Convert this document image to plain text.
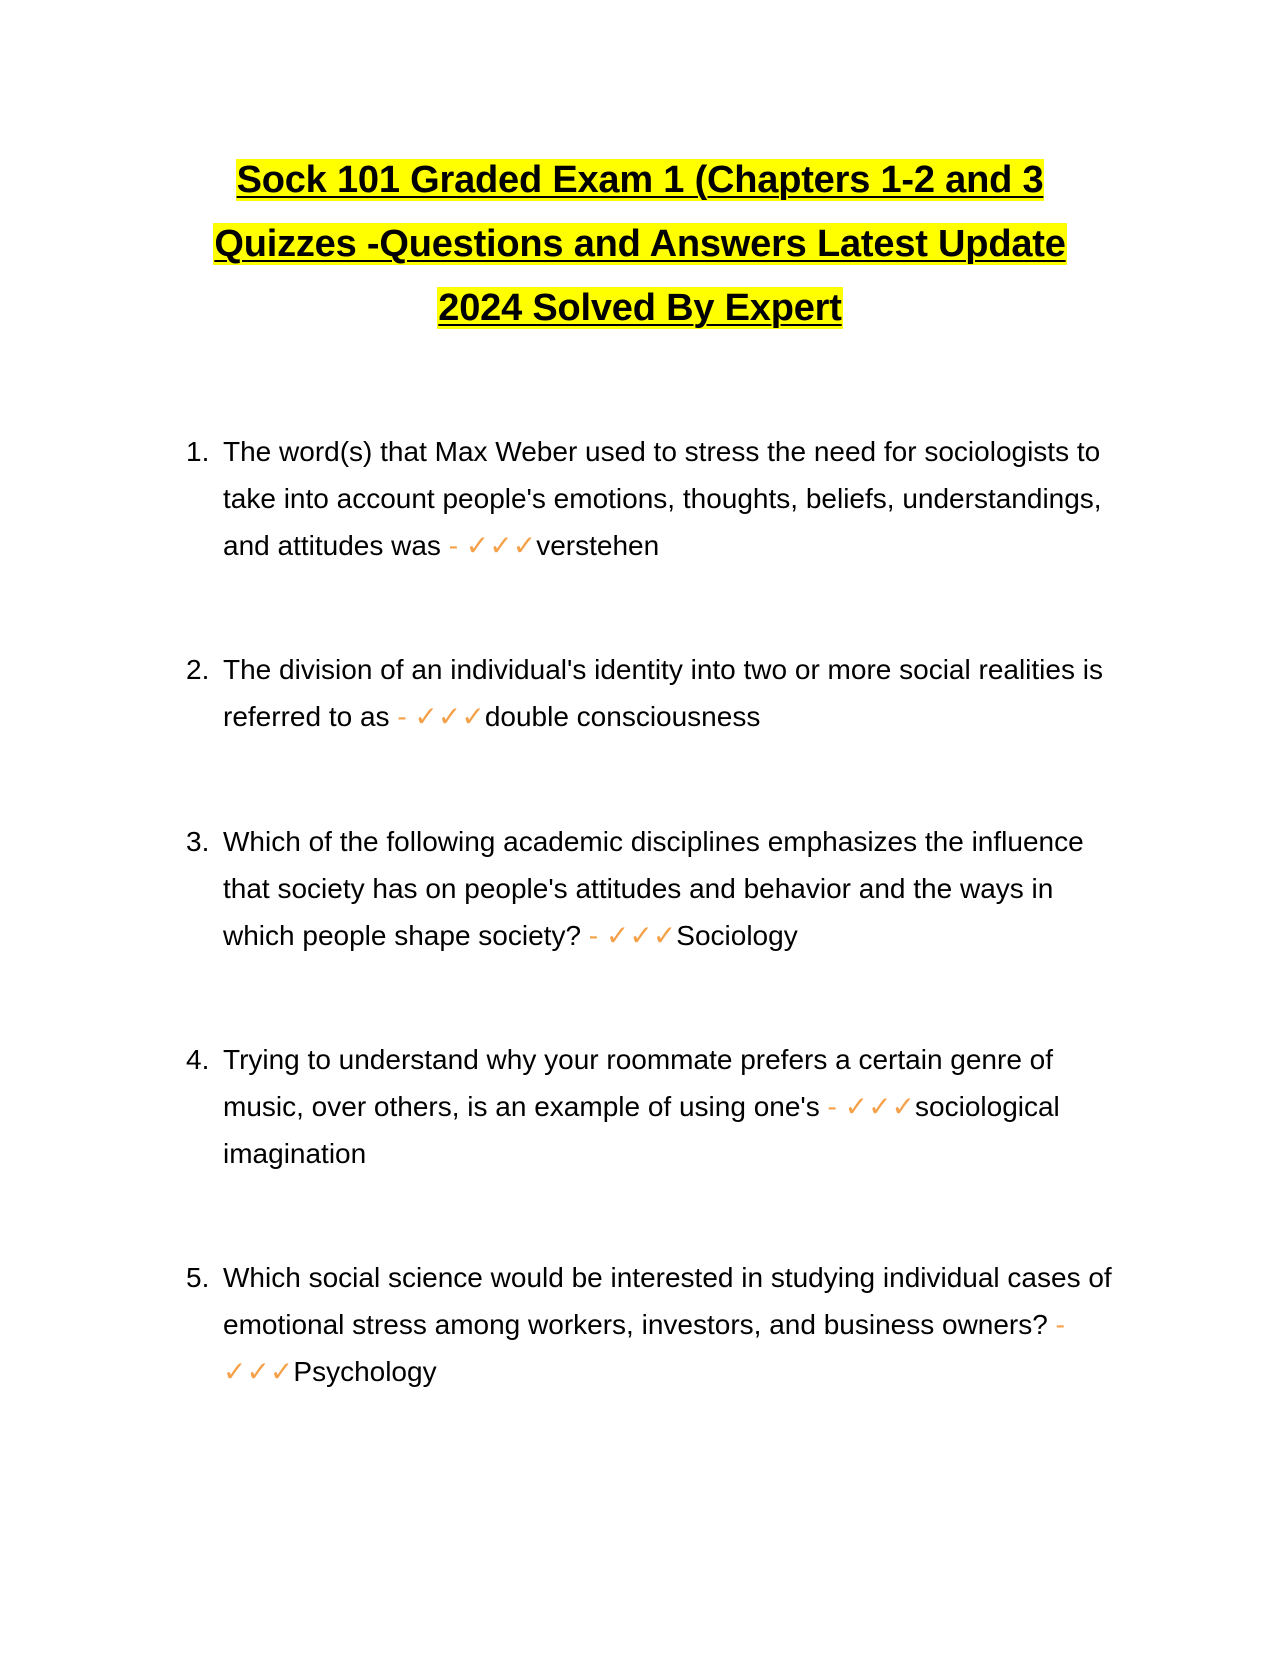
Sock 101 Graded Exam 1 (Chapters 1-2 and 3
Quizzes -Questions and Answers Latest Update
2024 Solved By Expert
1. The word(s) that Max Weber used to stress the need for sociologists to take into account people's emotions, thoughts, beliefs, understandings, and attitudes was - ✓✓✓verstehen
2. The division of an individual's identity into two or more social realities is referred to as - ✓✓✓double consciousness
3. Which of the following academic disciplines emphasizes the influence that society has on people's attitudes and behavior and the ways in which people shape society? - ✓✓✓Sociology
4. Trying to understand why your roommate prefers a certain genre of music, over others, is an example of using one's - ✓✓✓sociological imagination
5. Which social science would be interested in studying individual cases of emotional stress among workers, investors, and business owners? - ✓✓✓Psychology
